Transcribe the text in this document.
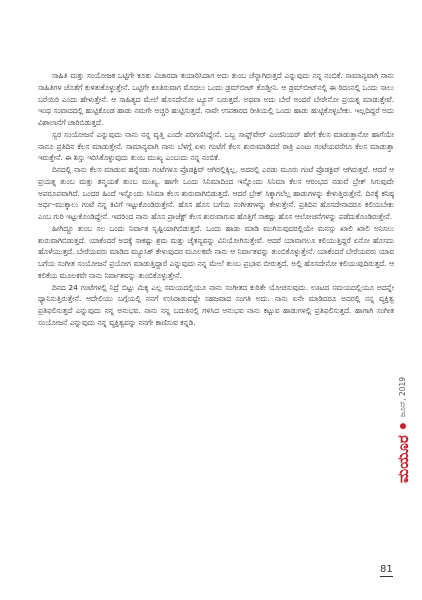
ಸಾಹಿತಿ ಮತ್ತು ಸಂಯೋಜಕ ಒಟ್ಟಿಗೇ ಕೂತು ವಿಚಾರದಾ ತಯಾರಿಸಿದಾಗ ಅದು ತುಂಬ ಚೆನ್ನಾಗಿರುತ್ತದೆ ಎನ್ನುವುದು ನನ್ನ ನಂಬಿಕೆ. ಸಾಮಾನ್ಯವಾಗಿ ನಾನು ಸಾಹಿತಿಗಳ ಜೊತೆಗೆ ಕುಳಿತುಕೊಳ್ಳುತ್ತೇನೆ. ಒಟ್ಟಿಗೇ ಕೂತಿರುವಾಗ ಮೊದಲು ಒಂದು ಡ್ರಮ್‌ಬೀಟ್ ಕೊಡ್ತೀನಿ. ಆ ಡ್ರಮ್‌ಬೀಟ್‌ನಲ್ಲಿ ಈ ರಿದಂನಲ್ಲಿ ಒಂದು ಸಾಲು ಬರೆಯಿರಿ ಎಂದು ಹೇಳುತ್ತೇನೆ. ಆ ಸಾಹಿತ್ಯದ ಮೇಲೆ ಹೊಸದೇನೋ ಟ್ಯೂನ್ ಬರುತ್ತದೆ. ಅಥವಾ ಅದು ಬೇರೆ ಅಂದರೆ ಬೇರೇನೋ ಪ್ರಯತ್ನ ಮಾಡುತ್ತೇವೆ. ಇಂಥ ಸಂವಾದದಲ್ಲಿ ಹುಟ್ಟಿಕೊಂಡ ಹಾಡು ನಮಗೇ ಅಚ್ಚರಿ ಹುಟ್ಟಿಸುತ್ತದೆ. ನಾವೇ ಉಪಕಾರದ ರೀತಿಯಲ್ಲಿ ಒಂದು ಹಾಡು ಹುಟ್ಟಿಕೊಳ್ಳಬೇಕು. ಇಲ್ಲದಿದ್ದರೆ ಅದು ವಿಶಾಲಾನೆಗೆ ಜಾರಿಬಿಡುತ್ತದೆ.

ಸ್ವರ ಸಂಯೋಜನೆ ಎನ್ನುವುದು ನಾನು ನನ್ನ ವೃತ್ತಿ ಎಂದೇ ಪರಿಗಣಿಸಿದ್ದೇನೆ. ಒಬ್ಬ ಸಾಫ್ಟ್‌ವೇರ್ ಎಂಜಿನಿಯರ್ ಹೇಗೆ ಕೆಲಸ ಮಾಡುತ್ತಾನೋ ಹಾಗೆಯೇ ನಾನೂ ಪ್ರತಿದಿನ ಕೆಲಸ ಮಾಡುತ್ತೇನೆ. ಸಾಮಾನ್ಯವಾಗಿ ನಾನು ಬೆಳಗ್ಗೆ ಏಳು ಗಂಟೆಗೆ ಕೆಲಸ ಶುರುಮಾಡಿದರೆ ರಾತ್ರಿ ಎಂಟು ಗಂಟೆಯವರೆಗೂ ಕೆಲಸ ಮಾಡುತ್ತಾ ಇರುತ್ತೇನೆ. ಈ ಶಿಸ್ತು ಇರಿಸಿಕೊಳ್ಳುವುದು ತುಂಬ ಮುಖ್ಯ ಎಂಬುದು ನನ್ನ ನಂಬಿಕೆ.

ದಿನದಲ್ಲಿ ನಾನು ಕೆಲಸ ಮಾಡುವ ಹನ್ನೆರಡು ಗಂಟೆಗಳೂ ಪ್ರೊಡಕ್ಟಿವ್ ಆಗಿರಲ್ಲಿಕ್ಕಿಲ್ಲ. ಅದರಲ್ಲಿ ಎರಡು ಮೂರು ಗಂಟೆ ಪ್ರೊಡಕ್ಟಿವ್ ಆಗಿರುತ್ತವೆ. ಆದರೆ ಆ ಪ್ರಯತ್ನ ತುಂಬ ಮತ್ತು ತನ್ಮಯತೆ ತುಂಬ ಮುಖ್ಯ. ಹಾಗೇ ಒಂದು ಸಿನಿಮಾದಿಂದ ಇನ್ನೊಂದು ಸಿನಿಮಾ ಕೆಲಸ ಆರಂಭದ ನಡುವೆ ಬ್ರೇಕ್ ಸಿಗುವುದೇ ಅಪರೂಪವಾಗಿದೆ. ಒಂದರ ಹಿಂದೆ ಇನ್ನೊಂದು ಸಿನಿಮಾ ಕೆಲಸ ಶುರುವಾಗಿಬಿಡುತ್ತದೆ. ಆದರೆ ಬ್ರೇಕ್ ಸಿಕ್ಕಾಗಲೆಲ್ಲ ಹಾಡುಗಳನ್ನು ಕೇಳುತ್ತಿರುತ್ತೇನೆ. ದಿನಕ್ಕೆ ಕನಿಷ್ಠ ಅರ್ಧ–ಮುಕ್ಕಾಲು ಗಂಟೆ ನನ್ನ ಕಿವಿಗೆ ಇಟ್ಟುಕೊಂಡಿರುತ್ತೇನೆ. ಹೊಸ ಹೊಸ ಬಗೆಯ ಸಂಗೀತಗಳನ್ನು ಕೇಳುತ್ತೇನೆ. ಪ್ರತಿದಿನ ಹೊಸದೇನಾದರೂ ಕಲಿಯಬೇಕು ಎಂಬ ಗುರಿ ಇಟ್ಟುಕೊಂಡಿದ್ದೇನೆ. ಇದರಿಂದ ನಾನು ಹೊಸ ಪ್ರಾಜೆಕ್ಟ್ ಕೆಲಸ ಶುರುವಾಗುವ ಹೊತ್ತಿಗೆ ಸಾಕಷ್ಟು ಹೊಸ ಆಲೋಚನೆಗಳನ್ನು ಪಡೆದುಕೊಂಡಿರುತ್ತೇನೆ.

ಹೀಗಿದ್ದೂ ತುಂಬ ಸಲ ಒಂದು ನಿರ್ವಾತ ಸೃಷ್ಟಿಯಾಗಿಬಿಡುತ್ತದೆ. ಒಂದು ಹಾಡು ಮಾಡಿ ಮುಗಿಸುವುದರಲ್ಲಿಯೇ ಮನಸ್ಸು ಖಾಲಿ ಖಾಲಿ ಅನಿಸಲು ಶುರುವಾಗಿಬಿಡುತ್ತದೆ. ಯಾಕೆಂದರೆ ಅದಕ್ಕೆ ಸಾಕಷ್ಟು ಶ್ರಮ ಮತ್ತು ಚೈತನ್ಯವನ್ನು ವಿನಿಯೋಗಿಸುತ್ತೇವೆ. ಆದರೆ ಯಾವಾಗಲೂ ಕಲಿಯುತ್ತಿದ್ದರೆ ಏನೋ ಹೊಸದು ಹೊಳೆಯುತ್ತದೆ. ಬೇರೆಯವರು ಮಾಡಿದ ಮ್ಯೂಸಿಕ್ ಕೇಳುವುದರ ಮೂಲಕವೇ ನಾನು ಆ ನಿರ್ವಾತವನ್ನು ತುಂಬಿಕೊಳ್ಳುತ್ತೇನೆ. ಯಾಕೆಂದರೆ ಬೇರೆಯವರು ಯಾವ ಬಗೆಯ ಸಂಗೀತ ಸಂಯೋಜನೆ ಪ್ರಯೋಗ ಮಾಡುತ್ತಿದ್ದಾರೆ ಎನ್ನುವುದು ನನ್ನ ಮೇಲೆ ತುಂಬ ಪ್ರಭಾವ ಬೀರುತ್ತದೆ. ಅಲ್ಲಿ ಹೊಸದೇನೋ ಕಲಿಯುವುದಿರುತ್ತದೆ. ಆ ಕಲಿಕೆಯ ಮೂಲಕವೇ ನಾನು ನಿರ್ವಾತವನ್ನು ತುಂಬಿಕೊಳ್ಳುತ್ತೇನೆ.

ದಿನದ 24 ಗಂಟೆಗಳಲ್ಲಿ ನಿದ್ರೆ ಬಿಟ್ಟು ಮಿಕ್ಕ ಎಲ್ಲ ಸಮಯದಲ್ಲಿಯೂ ನಾನು ಸಂಗೀತದ ಕುರಿತೇ ಯೋಚಿಸುವುದು. ಊಟದ ಸಮಯದಲ್ಲಿಯೂ ಅದನ್ನೇ ಧ್ಯಾನಿಸುತ್ತಿರುತ್ತೇನೆ. ಆದೇಲಿಯು ಬಗ್ಗೆಯಲ್ಲಿ ನನಗೆ ಉಸಿರಾಡುವಷ್ಟೇ ಸಹಜವಾದ ಸಂಗತಿ ಅದು. ನಾನು ಏನೇ ಮಾಡಿದರೂ ಅದರಲ್ಲಿ ನನ್ನ ವ್ಯಕ್ತಿತ್ವ ಪ್ರತಿಫಲಿಸುತ್ತದೆ ಎನ್ನುವುದು ನನ್ನ ಅನುಭವ. ನಾನು ನನ್ನ ಬದುಕಿನಲ್ಲಿ ಗಳಿಸಿದ ಅನುಭವ ನಾನು ಕಟ್ಟುವ ಹಾಡುಗಳಲ್ಲಿ ಪ್ರತಿಫಲಿಸುತ್ತದೆ. ಹಾಗಾಗಿ ಸಂಗೀತ ಸಂಯೋಜನೆ ಎನ್ನುವುದು ನನ್ನ ವ್ಯಕ್ತಿತ್ವವನ್ನು ನನಗೇ ಕಾಣಿಸುವ ಕನ್ನಡಿ.

ಮಯೂರ
ಜೂನ್, 2019
81
